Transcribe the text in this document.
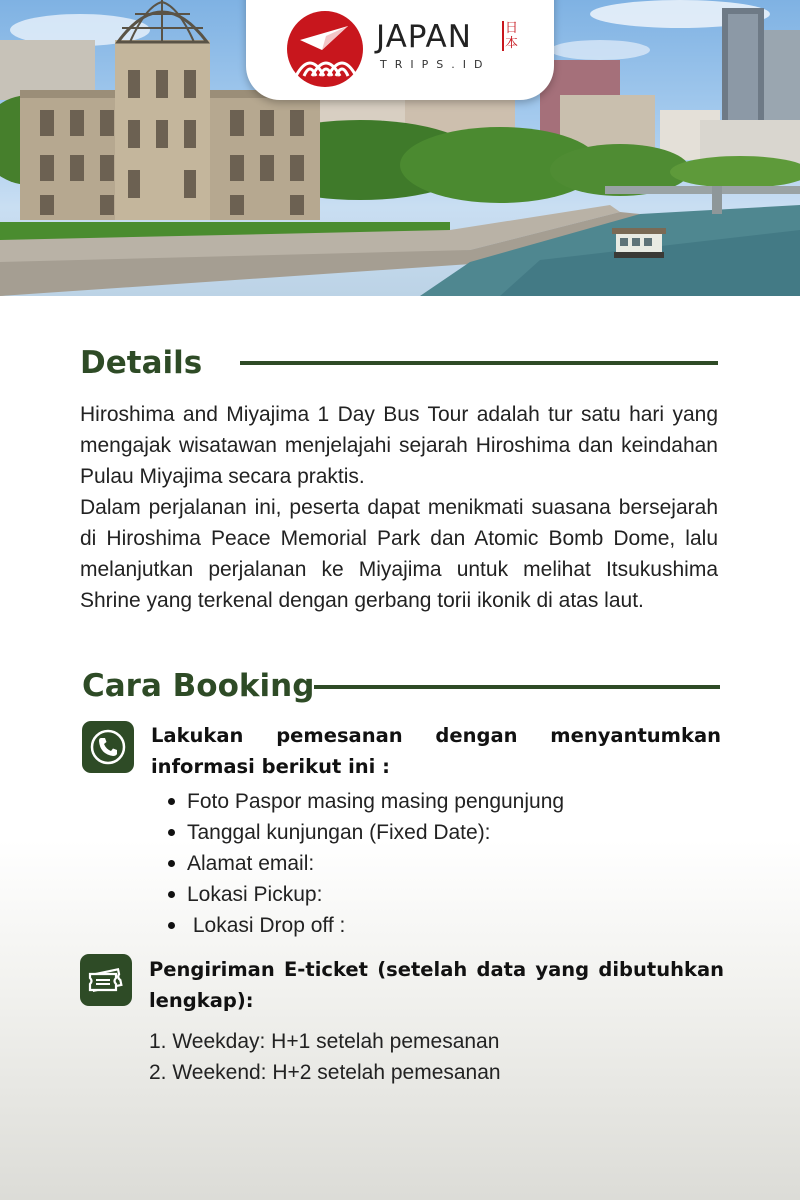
JAPAN
TRIPS.ID
日本
Details

Hiroshima and Miyajima 1 Day Bus Tour adalah tur satu hari yang mengajak wisatawan menjelajahi sejarah Hiroshima dan keindahan Pulau Miyajima secara praktis.

Dalam perjalanan ini, peserta dapat menikmati suasana bersejarah di Hiroshima Peace Memorial Park dan Atomic Bomb Dome, lalu melanjutkan perjalanan ke Miyajima untuk melihat Itsukushima Shrine yang terkenal dengan gerbang torii ikonik di atas laut.

Cara Booking
Lakukan pemesanan dengan menyantumkan informasi berikut ini :
Foto Paspor masing masing pengunjung
Tanggal kunjungan (Fixed Date):
Alamat email:
Lokasi Pickup:
Lokasi Drop off :
Pengiriman E-ticket (setelah data yang dibutuhkan lengkap):
1. Weekday: H+1 setelah pemesanan
2. Weekend: H+2 setelah pemesanan
